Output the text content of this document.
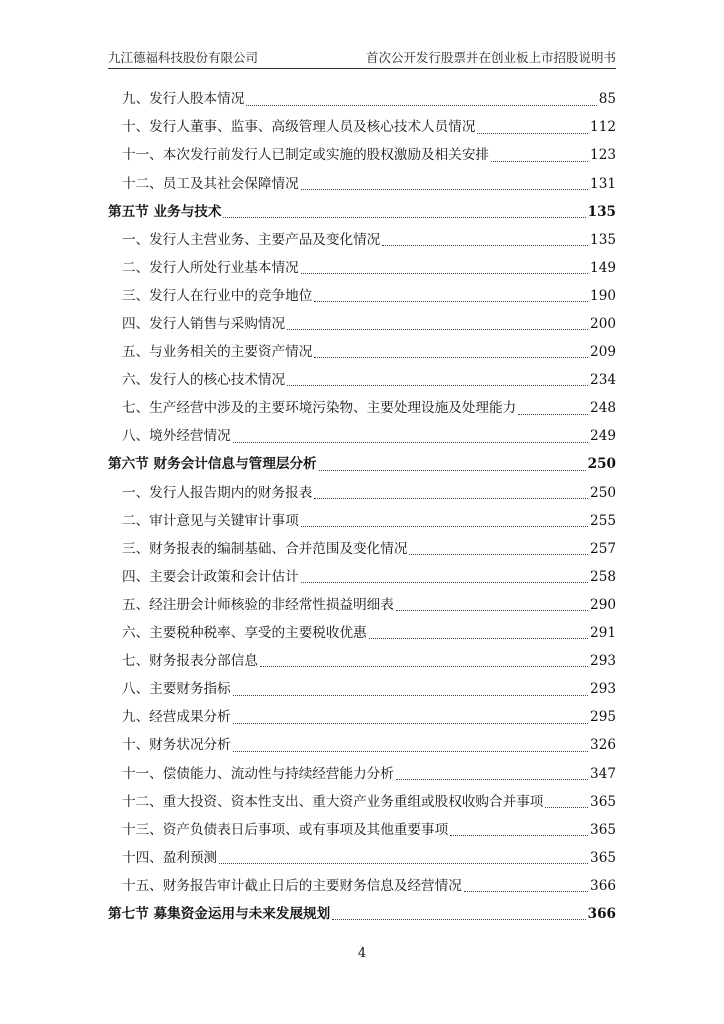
九江德福科技股份有限公司	首次公开发行股票并在创业板上市招股说明书
九、发行人股本情况	85
十、发行人董事、监事、高级管理人员及核心技术人员情况	112
十一、本次发行前发行人已制定或实施的股权激励及相关安排	123
十二、员工及其社会保障情况	131
第五节 业务与技术	135
一、发行人主营业务、主要产品及变化情况	135
二、发行人所处行业基本情况	149
三、发行人在行业中的竞争地位	190
四、发行人销售与采购情况	200
五、与业务相关的主要资产情况	209
六、发行人的核心技术情况	234
七、生产经营中涉及的主要环境污染物、主要处理设施及处理能力	248
八、境外经营情况	249
第六节 财务会计信息与管理层分析	250
一、发行人报告期内的财务报表	250
二、审计意见与关键审计事项	255
三、财务报表的编制基础、合并范围及变化情况	257
四、主要会计政策和会计估计	258
五、经注册会计师核验的非经常性损益明细表	290
六、主要税种税率、享受的主要税收优惠	291
七、财务报表分部信息	293
八、主要财务指标	293
九、经营成果分析	295
十、财务状况分析	326
十一、偿债能力、流动性与持续经营能力分析	347
十二、重大投资、资本性支出、重大资产业务重组或股权收购合并事项	365
十三、资产负债表日后事项、或有事项及其他重要事项	365
十四、盈利预测	365
十五、财务报告审计截止日后的主要财务信息及经营情况	366
第七节 募集资金运用与未来发展规划	366
4
